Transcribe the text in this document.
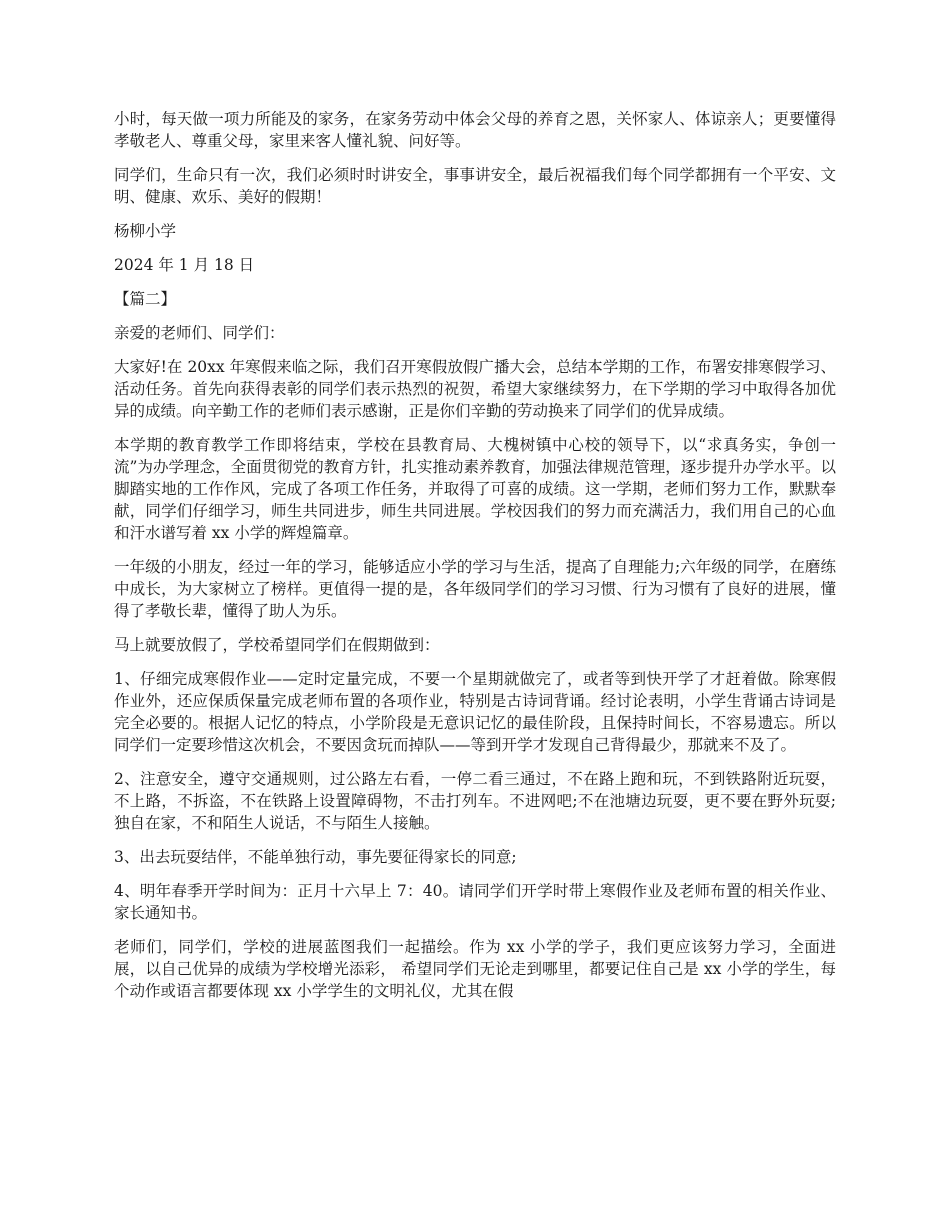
小时，每天做一项力所能及的家务，在家务劳动中体会父母的养育之恩，关怀家人、体谅亲人；更要懂得孝敬老人、尊重父母，家里来客人懂礼貌、问好等。

同学们，生命只有一次，我们必须时时讲安全，事事讲安全，最后祝福我们每个同学都拥有一个平安、文明、健康、欢乐、美好的假期！

杨柳小学

2024 年 1 月 18 日

【篇二】

亲爱的老师们、同学们：

大家好!在 20xx 年寒假来临之际，我们召开寒假放假广播大会，总结本学期的工作，布署安排寒假学习、活动任务。首先向获得表彰的同学们表示热烈的祝贺，希望大家继续努力，在下学期的学习中取得各加优异的成绩。向辛勤工作的老师们表示感谢，正是你们辛勤的劳动换来了同学们的优异成绩。

本学期的教育教学工作即将结束，学校在县教育局、大槐树镇中心校的领导下，以“求真务实，争创一流”为办学理念，全面贯彻党的教育方针，扎实推动素养教育，加强法律规范管理，逐步提升办学水平。以脚踏实地的工作作风，完成了各项工作任务，并取得了可喜的成绩。这一学期，老师们努力工作，默默奉献，同学们仔细学习，师生共同进步，师生共同进展。学校因我们的努力而充满活力，我们用自己的心血和汗水谱写着 xx 小学的辉煌篇章。

一年级的小朋友，经过一年的学习，能够适应小学的学习与生活，提高了自理能力;六年级的同学，在磨练中成长，为大家树立了榜样。更值得一提的是，各年级同学们的学习习惯、行为习惯有了良好的进展，懂得了孝敬长辈，懂得了助人为乐。

马上就要放假了，学校希望同学们在假期做到：

1、仔细完成寒假作业——定时定量完成，不要一个星期就做完了，或者等到快开学了才赶着做。除寒假作业外，还应保质保量完成老师布置的各项作业，特别是古诗词背诵。经讨论表明，小学生背诵古诗词是完全必要的。根据人记忆的特点，小学阶段是无意识记忆的最佳阶段，且保持时间长，不容易遗忘。所以同学们一定要珍惜这次机会，不要因贪玩而掉队——等到开学才发现自己背得最少，那就来不及了。

2、注意安全，遵守交通规则，过公路左右看，一停二看三通过，不在路上跑和玩，不到铁路附近玩耍，不上路，不拆盗，不在铁路上设置障碍物，不击打列车。不进网吧;不在池塘边玩耍，更不要在野外玩耍;独自在家，不和陌生人说话，不与陌生人接触。

3、出去玩耍结伴，不能单独行动，事先要征得家长的同意;

4、明年春季开学时间为：正月十六早上 7：40。请同学们开学时带上寒假作业及老师布置的相关作业、家长通知书。

老师们，同学们，学校的进展蓝图我们一起描绘。作为 xx 小学的学子，我们更应该努力学习，全面进展，以自己优异的成绩为学校增光添彩， 希望同学们无论走到哪里，都要记住自己是 xx 小学的学生，每个动作或语言都要体现 xx 小学学生的文明礼仪，尤其在假
